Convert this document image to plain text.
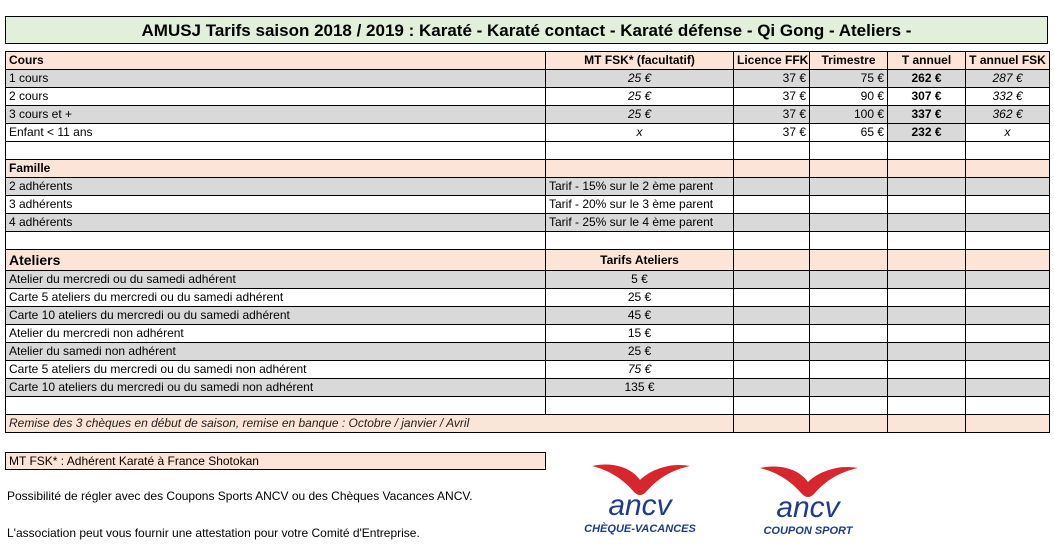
AMUSJ Tarifs saison 2018 / 2019 : Karaté - Karaté contact - Karaté défense - Qi Gong - Ateliers -
Cours	MT FSK* (facultatif)	Licence FFK	Trimestre	T annuel	T annuel FSK
1 cours	25 €	37 €	75 €	262 €	287 €
2 cours	25 €	37 €	90 €	307 €	332 €
3 cours et +	25 €	37 €	100 €	337 €	362 €
Enfant < 11 ans	x	37 €	65 €	232 €	x

Famille					
2 adhérents	Tarif - 15% sur le 2 ème parent				
3 adhérents	Tarif - 20% sur le 3 ème parent				
4 adhérents	Tarif - 25% sur le 4 ème parent				

Ateliers	Tarifs Ateliers				
Atelier du mercredi ou du samedi adhérent	5 €				
Carte 5 ateliers du mercredi ou du samedi adhérent	25 €				
Carte 10 ateliers du mercredi ou du samedi adhérent	45 €				
Atelier du mercredi non adhérent	15 €				
Atelier du samedi non adhérent	25 €				
Carte 5 ateliers du mercredi ou du samedi non adhérent	75 €				
Carte 10 ateliers du mercredi ou du samedi non adhérent	135 €				

Remise des 3 chèques en début de saison, remise en banque : Octobre / janvier / Avril					
MT FSK* : Adhérent Karaté à France Shotokan
Possibilité de régler avec des Coupons Sports ANCV ou des Chèques Vacances ANCV.
L'association peut vous fournir une attestation pour votre Comité d'Entreprise.
ancv
CHÈQUE-VACANCES
ancv
COUPON SPORT
